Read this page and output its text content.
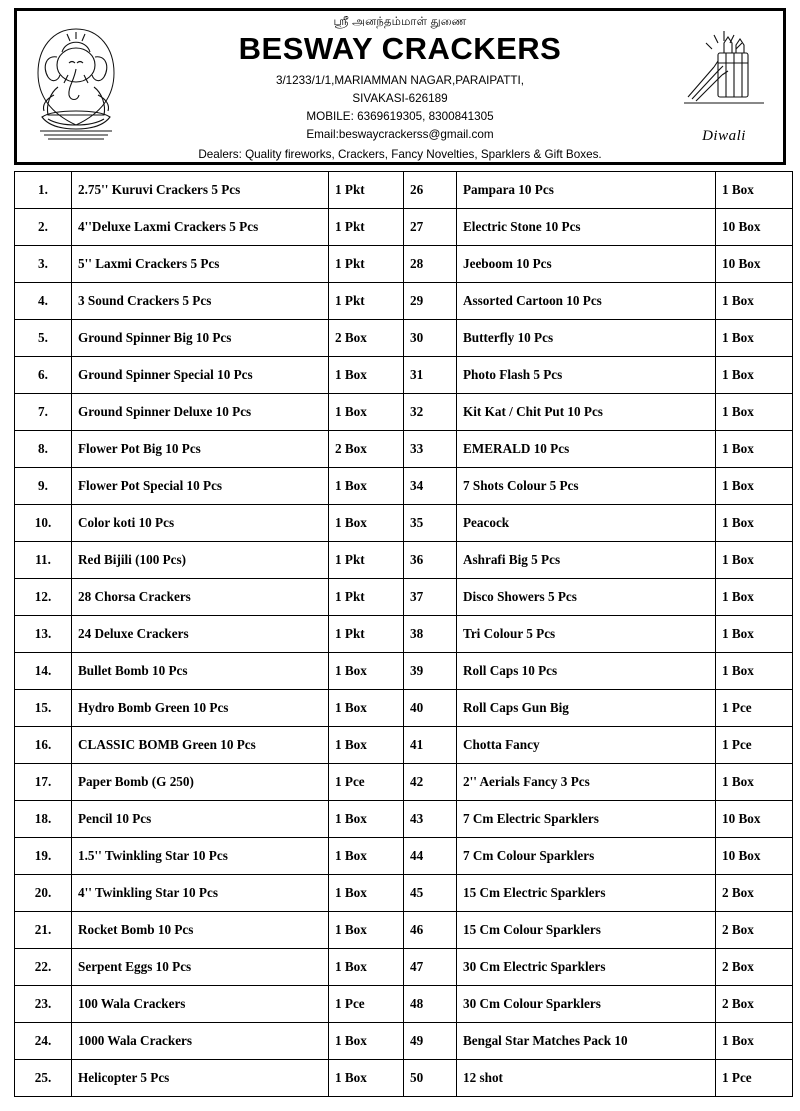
ஶ்ரீ அனந்தம்மாள் துணை
BESWAY CRACKERS
3/1233/1/1,MARIAMMAN NAGAR,PARAIPATTI,
SIVAKASI-626189
MOBILE: 6369619305, 8300841305
Email:beswaycrackerss@gmail.com
Dealers: Quality fireworks, Crackers, Fancy Novelties, Sparklers & Gift Boxes.
Diwali
1.	2.75'' Kuruvi Crackers 5 Pcs	1 Pkt	26	Pampara 10 Pcs	1 Box
2.	4''Deluxe Laxmi Crackers 5 Pcs	1 Pkt	27	Electric Stone 10 Pcs	10 Box
3.	5'' Laxmi Crackers 5 Pcs	1 Pkt	28	Jeeboom 10 Pcs	10 Box
4.	3 Sound Crackers 5 Pcs	1 Pkt	29	Assorted Cartoon 10 Pcs	1 Box
5.	Ground Spinner Big 10 Pcs	2 Box	30	Butterfly 10 Pcs	1 Box
6.	Ground Spinner Special 10 Pcs	1 Box	31	Photo Flash 5 Pcs	1 Box
7.	Ground Spinner Deluxe 10 Pcs	1 Box	32	Kit Kat / Chit Put 10 Pcs	1 Box
8.	Flower Pot Big 10 Pcs	2 Box	33	EMERALD 10 Pcs	1 Box
9.	Flower Pot Special 10 Pcs	1 Box	34	7 Shots Colour 5 Pcs	1 Box
10.	Color koti 10 Pcs	1 Box	35	Peacock	1 Box
11.	Red Bijili (100 Pcs)	1 Pkt	36	Ashrafi Big 5 Pcs	1 Box
12.	28 Chorsa Crackers	1 Pkt	37	Disco Showers 5 Pcs	1 Box
13.	24 Deluxe Crackers	1 Pkt	38	Tri Colour 5 Pcs	1 Box
14.	Bullet Bomb 10 Pcs	1 Box	39	Roll Caps 10 Pcs	1 Box
15.	Hydro Bomb Green 10 Pcs	1 Box	40	Roll Caps Gun Big	1 Pce
16.	CLASSIC BOMB Green 10 Pcs	1 Box	41	Chotta Fancy	1 Pce
17.	Paper Bomb (G 250)	1 Pce	42	2'' Aerials Fancy 3 Pcs	1 Box
18.	Pencil 10 Pcs	1 Box	43	7 Cm Electric Sparklers	10 Box
19.	1.5'' Twinkling Star 10 Pcs	1 Box	44	7 Cm Colour Sparklers	10 Box
20.	4'' Twinkling Star 10 Pcs	1 Box	45	15 Cm Electric Sparklers	2 Box
21.	Rocket Bomb 10 Pcs	1 Box	46	15 Cm Colour Sparklers	2 Box
22.	Serpent Eggs 10 Pcs	1 Box	47	30 Cm Electric Sparklers	2 Box
23.	100 Wala Crackers	1 Pce	48	30 Cm Colour Sparklers	2 Box
24.	1000 Wala Crackers	1 Box	49	Bengal Star Matches Pack 10	1 Box
25.	Helicopter 5 Pcs	1 Box	50	12 shot	1 Pce
